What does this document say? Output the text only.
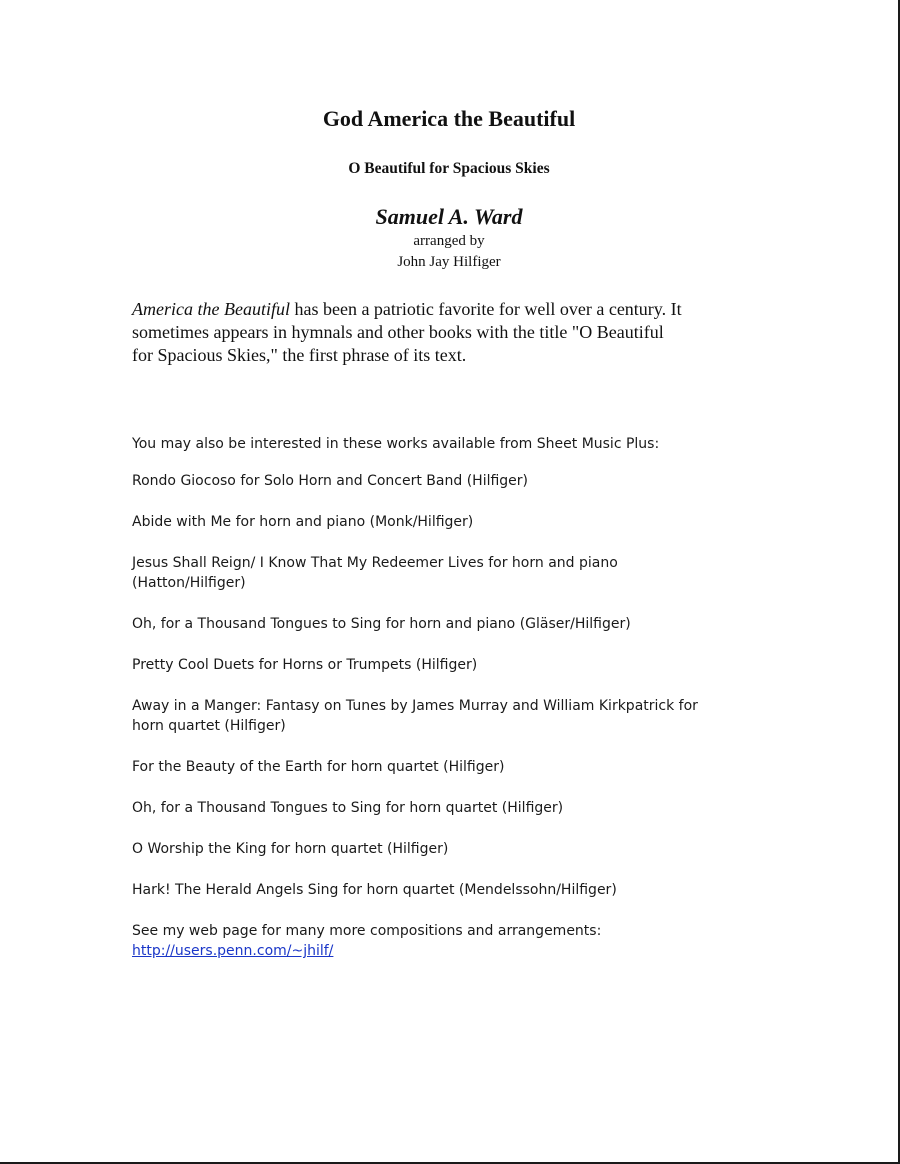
God America the Beautiful
O Beautiful for Spacious Skies
Samuel A. Ward
arranged by
John Jay Hilfiger
America the Beautiful has been a patriotic favorite for well over a century. It
sometimes appears in hymnals and other books with the title "O Beautiful
for Spacious Skies," the first phrase of its text.
You may also be interested in these works available from Sheet Music Plus:
Rondo Giocoso for Solo Horn and Concert Band (Hilfiger)
Abide with Me for horn and piano (Monk/Hilfiger)
Jesus Shall Reign/ I Know That My Redeemer Lives for horn and piano
(Hatton/Hilfiger)
Oh, for a Thousand Tongues to Sing for horn and piano (Gläser/Hilfiger)
Pretty Cool Duets for Horns or Trumpets (Hilfiger)
Away in a Manger: Fantasy on Tunes by James Murray and William Kirkpatrick for
horn quartet (Hilfiger)
For the Beauty of the Earth for horn quartet (Hilfiger)
Oh, for a Thousand Tongues to Sing for horn quartet (Hilfiger)
O Worship the King for horn quartet (Hilfiger)
Hark! The Herald Angels Sing for horn quartet (Mendelssohn/Hilfiger)
See my web page for many more compositions and arrangements:
http://users.penn.com/~jhilf/
